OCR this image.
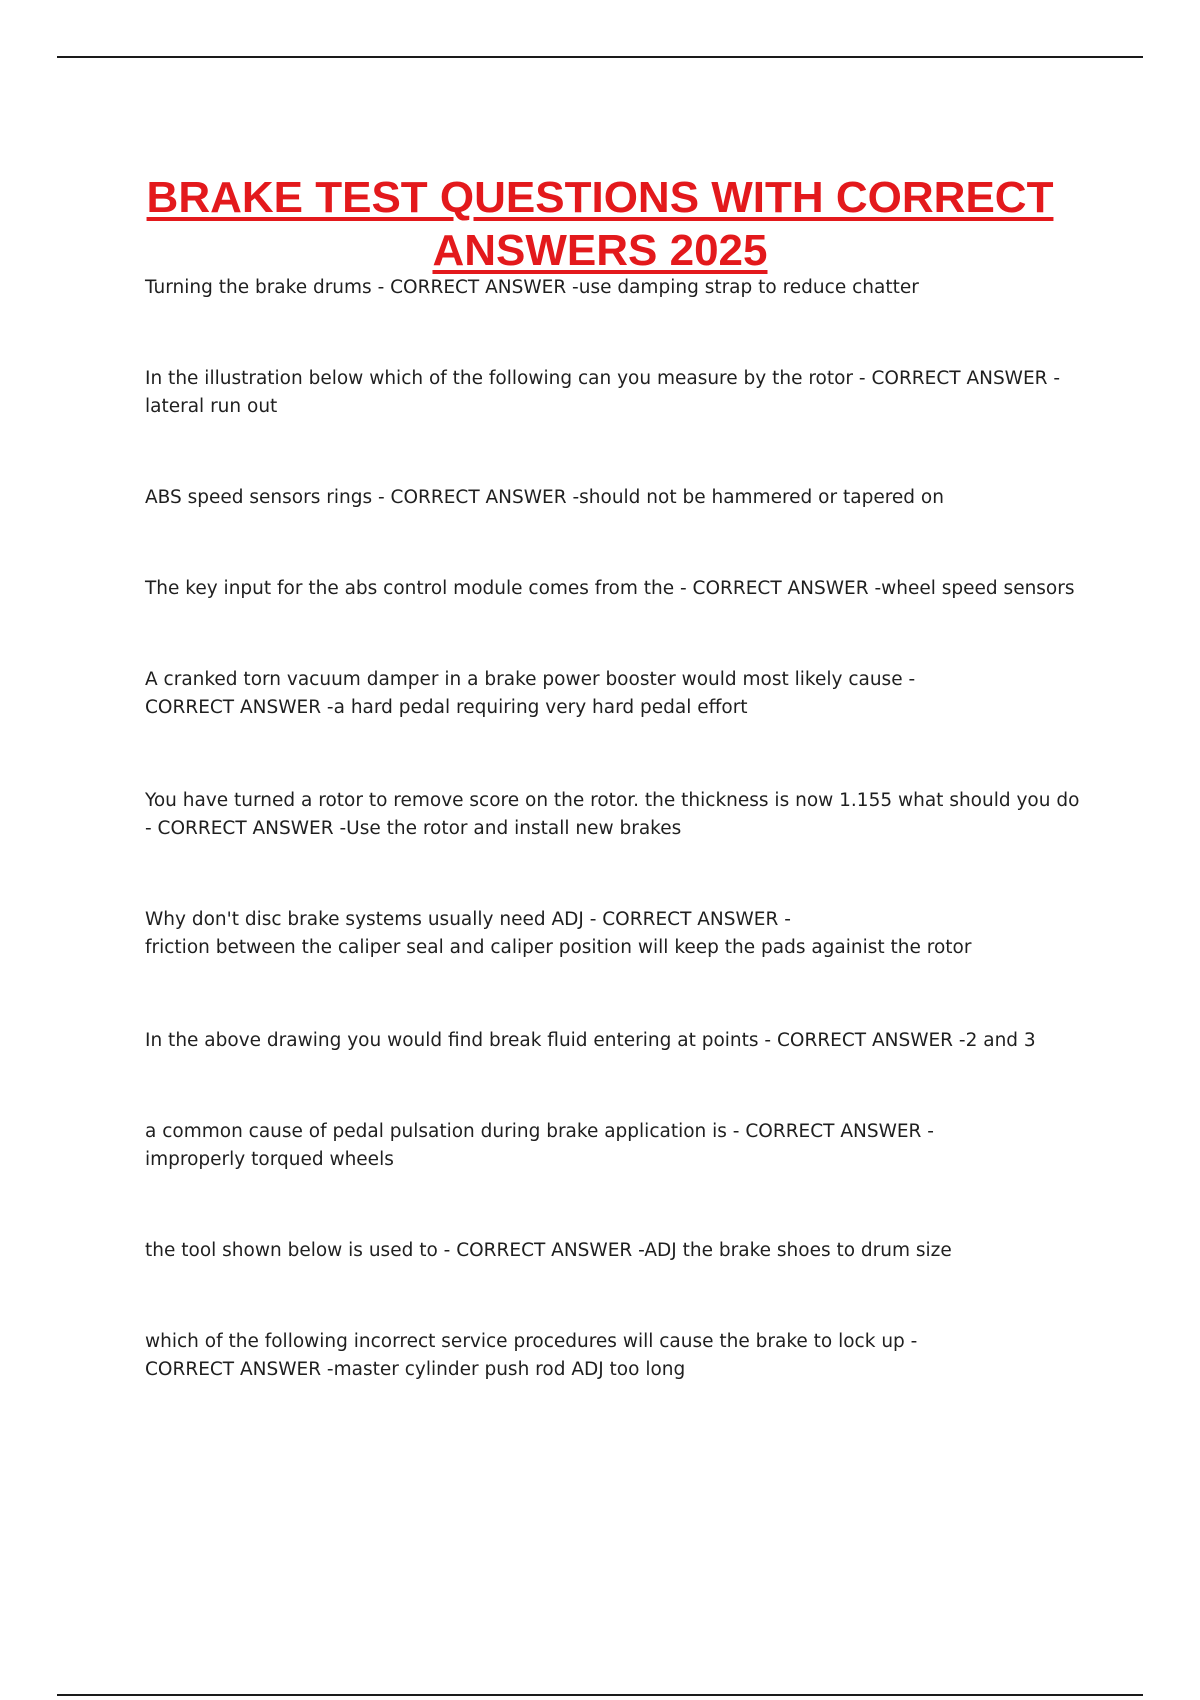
BRAKE TEST QUESTIONS WITH CORRECT
ANSWERS 2025

Turning the brake drums - CORRECT ANSWER -use damping strap to reduce chatter

In the illustration below which of the following can you measure by the rotor - CORRECT ANSWER -
lateral run out

ABS speed sensors rings - CORRECT ANSWER -should not be hammered or tapered on

The key input for the abs control module comes from the - CORRECT ANSWER -wheel speed sensors

A cranked torn vacuum damper in a brake power booster would most likely cause -
CORRECT ANSWER -a hard pedal requiring very hard pedal effort

You have turned a rotor to remove score on the rotor. the thickness is now 1.155 what should you do
- CORRECT ANSWER -Use the rotor and install new brakes

Why don't disc brake systems usually need ADJ - CORRECT ANSWER -
friction between the caliper seal and caliper position will keep the pads againist the rotor

In the above drawing you would find break fluid entering at points - CORRECT ANSWER -2 and 3

a common cause of pedal pulsation during brake application is - CORRECT ANSWER -
improperly torqued wheels

the tool shown below is used to - CORRECT ANSWER -ADJ the brake shoes to drum size

which of the following incorrect service procedures will cause the brake to lock up -
CORRECT ANSWER -master cylinder push rod ADJ too long
